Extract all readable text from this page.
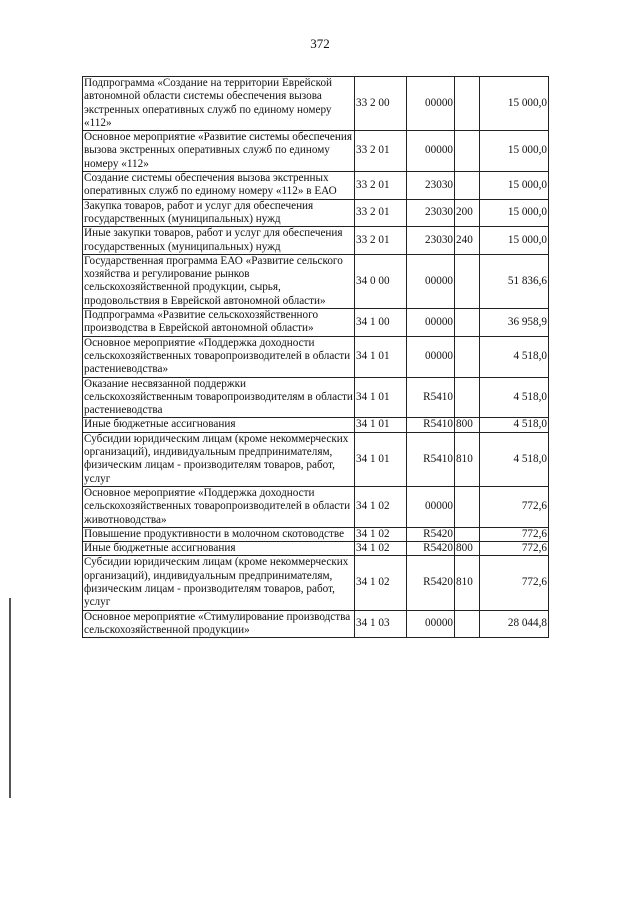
372
Подпрограмма «Создание на территории Еврейской автономной области системы обеспечения вызова экстренных оперативных служб по единому номеру «112»	33 2 00	00000		15 000,0
Основное мероприятие «Развитие системы обеспечения вызова экстренных оперативных служб по единому номеру «112»	33 2 01	00000		15 000,0
Создание системы обеспечения вызова экстренных оперативных служб по единому номеру «112» в ЕАО	33 2 01	23030		15 000,0
Закупка товаров, работ и услуг для обеспечения государственных (муниципальных) нужд	33 2 01	23030	200	15 000,0
Иные закупки товаров, работ и услуг для обеспечения государственных (муниципальных) нужд	33 2 01	23030	240	15 000,0
Государственная программа ЕАО «Развитие сельского хозяйства и регулирование рынков сельскохозяйственной продукции, сырья, продовольствия в Еврейской автономной области»	34 0 00	00000		51 836,6
Подпрограмма «Развитие сельскохозяйственного производства в Еврейской автономной области»	34 1 00	00000		36 958,9
Основное мероприятие «Поддержка доходности сельскохозяйственных товаропроизводителей в области растениеводства»	34 1 01	00000		4 518,0
Оказание несвязанной поддержки сельскохозяйственным товаропроизводителям в области растениеводства	34 1 01	R5410		4 518,0
Иные бюджетные ассигнования	34 1 01	R5410	800	4 518,0
Субсидии юридическим лицам (кроме некоммерческих организаций), индивидуальным предпринимателям, физическим лицам - производителям товаров, работ, услуг	34 1 01	R5410	810	4 518,0
Основное мероприятие «Поддержка доходности сельскохозяйственных товаропроизводителей в области животноводства»	34 1 02	00000		772,6
Повышение продуктивности в молочном скотоводстве	34 1 02	R5420		772,6
Иные бюджетные ассигнования	34 1 02	R5420	800	772,6
Субсидии юридическим лицам (кроме некоммерческих организаций), индивидуальным предпринимателям, физическим лицам - производителям товаров, работ, услуг	34 1 02	R5420	810	772,6
Основное мероприятие «Стимулирование производства сельскохозяйственной продукции»	34 1 03	00000		28 044,8
